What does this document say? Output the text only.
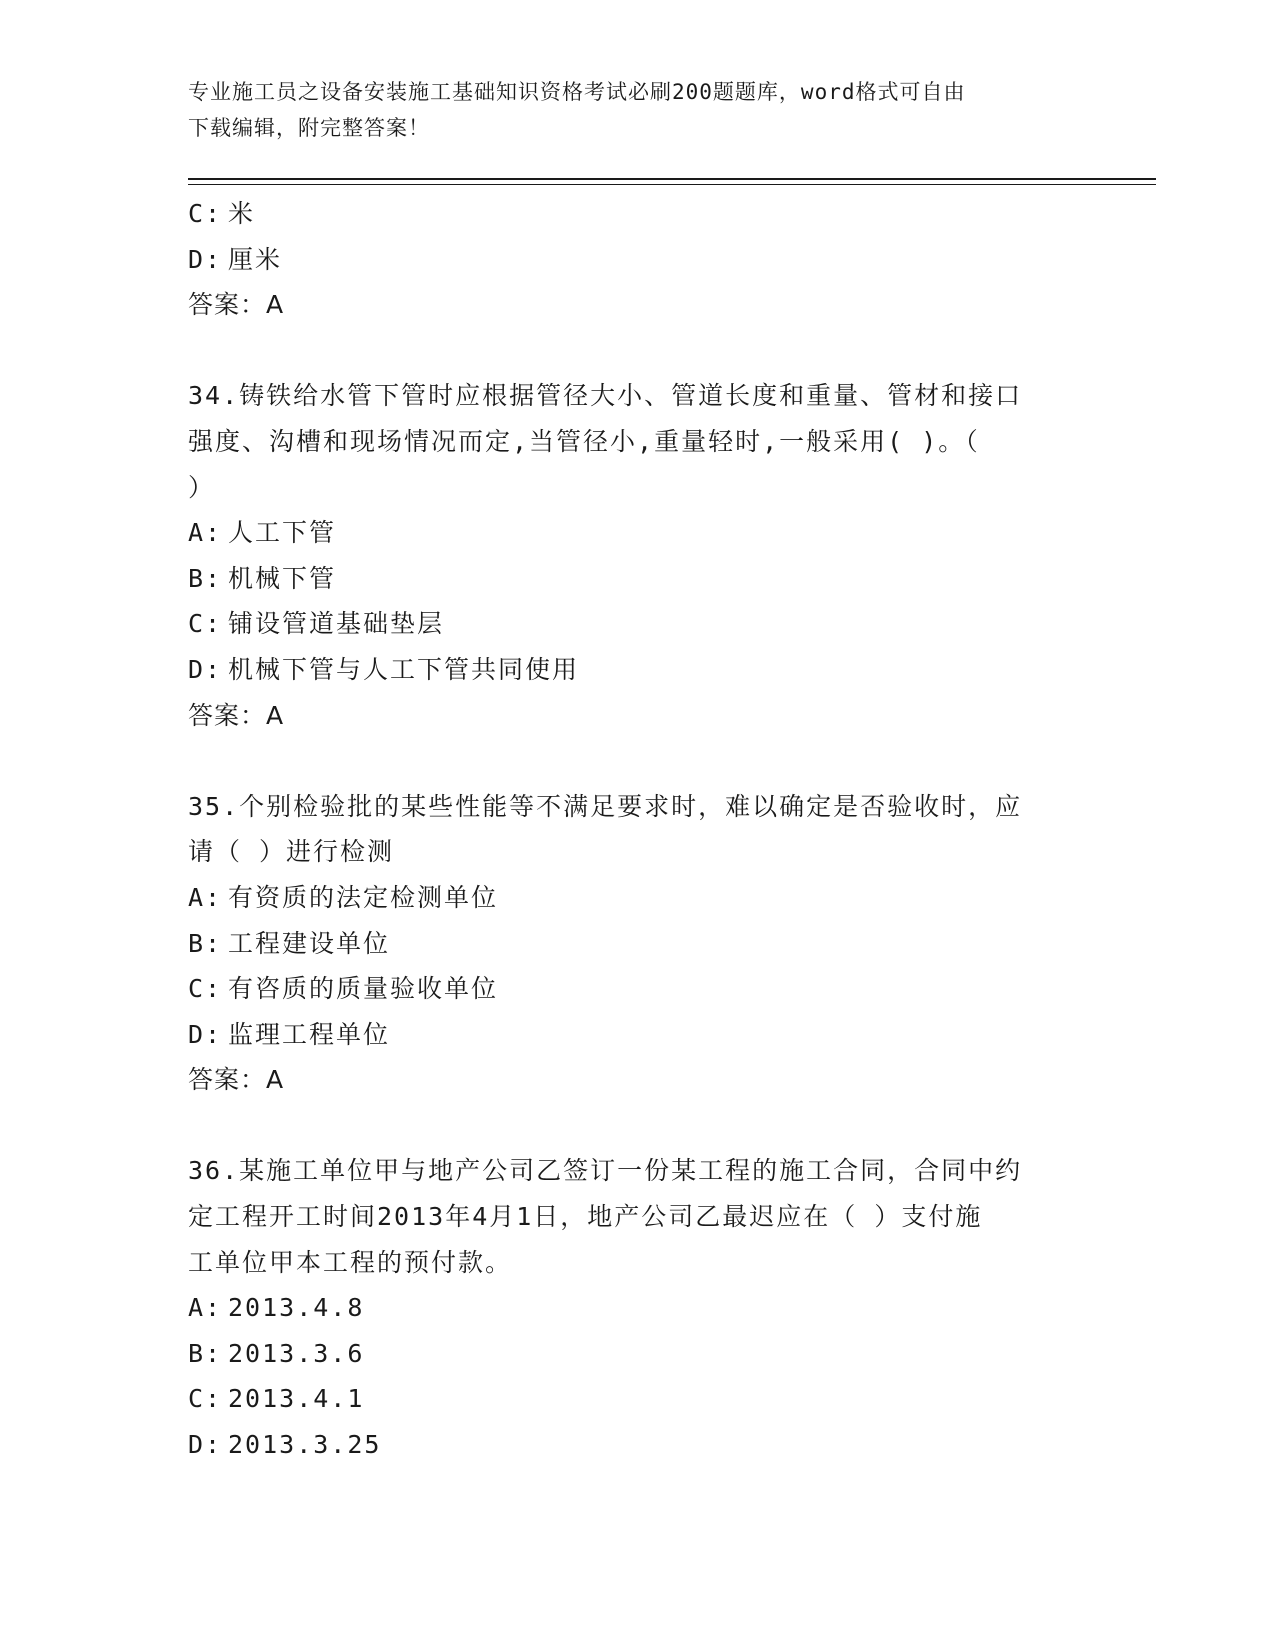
专业施工员之设备安装施工基础知识资格考试必刷200题题库，word格式可自由
下载编辑，附完整答案！
C: 米
D: 厘米
答案：A
34.铸铁给水管下管时应根据管径大小、管道长度和重量、管材和接口
强度、沟槽和现场情况而定,当管径小,重量轻时,一般采用( )。（
）
A: 人工下管
B: 机械下管
C: 铺设管道基础垫层
D: 机械下管与人工下管共同使用
答案：A
35.个别检验批的某些性能等不满足要求时，难以确定是否验收时，应
请（ ）进行检测
A: 有资质的法定检测单位
B: 工程建设单位
C: 有咨质的质量验收单位
D: 监理工程单位
答案：A
36.某施工单位甲与地产公司乙签订一份某工程的施工合同，合同中约
定工程开工时间2013年4月1日，地产公司乙最迟应在（ ）支付施
工单位甲本工程的预付款。
A: 2013.4.8
B: 2013.3.6
C: 2013.4.1
D: 2013.3.25
